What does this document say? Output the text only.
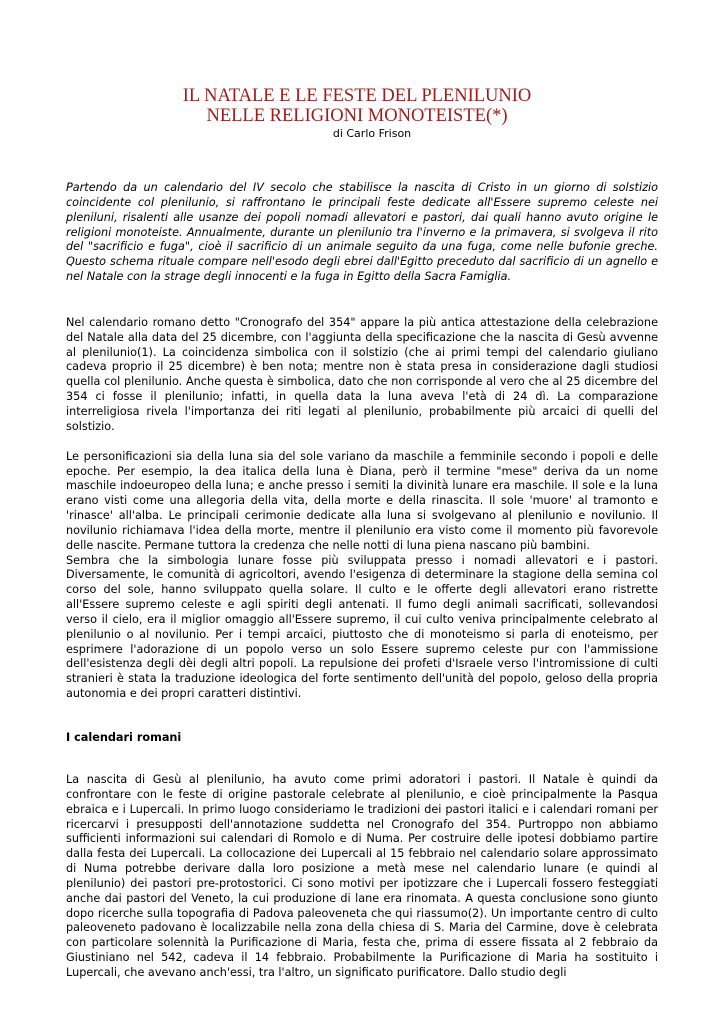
IL NATALE E LE FESTE DEL PLENILUNIO
NELLE RELIGIONI MONOTEISTE(*)
di Carlo Frison

Partendo da un calendario del IV secolo che stabilisce la nascita di Cristo in un giorno di solstizio coincidente col plenilunio, si raffrontano le principali feste dedicate all'Essere supremo celeste nei pleniluni, risalenti alle usanze dei popoli nomadi allevatori e pastori, dai quali hanno avuto origine le religioni monoteiste. Annualmente, durante un plenilunio tra l'inverno e la primavera, si svolgeva il rito del "sacrificio e fuga", cioè il sacrificio di un animale seguito da una fuga, come nelle bufonie greche. Questo schema rituale compare nell'esodo degli ebrei dall'Egitto preceduto dal sacrificio di un agnello e nel Natale con la strage degli innocenti e la fuga in Egitto della Sacra Famiglia.

Nel calendario romano detto "Cronografo del 354" appare la più antica attestazione della celebrazione del Natale alla data del 25 dicembre, con l'aggiunta della specificazione che la nascita di Gesù avvenne al plenilunio(1). La coincidenza simbolica con il solstizio (che ai primi tempi del calendario giuliano cadeva proprio il 25 dicembre) è ben nota; mentre non è stata presa in considerazione dagli studiosi quella col plenilunio. Anche questa è simbolica, dato che non corrisponde al vero che al 25 dicembre del 354 ci fosse il plenilunio; infatti, in quella data la luna aveva l'età di 24 dì. La comparazione interreligiosa rivela l'importanza dei riti legati al plenilunio, probabilmente più arcaici di quelli del solstizio.

Le personificazioni sia della luna sia del sole variano da maschile a femminile secondo i popoli e delle epoche. Per esempio, la dea italica della luna è Diana, però il termine "mese" deriva da un nome maschile indoeuropeo della luna; e anche presso i semiti la divinità lunare era maschile. Il sole e la luna erano visti come una allegoria della vita, della morte e della rinascita. Il sole 'muore' al tramonto e 'rinasce' all'alba. Le principali cerimonie dedicate alla luna si svolgevano al plenilunio e novilunio. Il novilunio richiamava l'idea della morte, mentre il plenilunio era visto come il momento più favorevole delle nascite. Permane tuttora la credenza che nelle notti di luna piena nascano più bambini.

Sembra che la simbologia lunare fosse più sviluppata presso i nomadi allevatori e i pastori. Diversamente, le comunità di agricoltori, avendo l'esigenza di determinare la stagione della semina col corso del sole, hanno sviluppato quella solare. Il culto e le offerte degli allevatori erano ristrette all'Essere supremo celeste e agli spiriti degli antenati. Il fumo degli animali sacrificati, sollevandosi verso il cielo, era il miglior omaggio all'Essere supremo, il cui culto veniva principalmente celebrato al plenilunio o al novilunio. Per i tempi arcaici, piuttosto che di monoteismo si parla di enoteismo, per esprimere l'adorazione di un popolo verso un solo Essere supremo celeste pur con l'ammissione dell'esistenza degli dèi degli altri popoli. La repulsione dei profeti d'Israele verso l'intromissione di culti stranieri è stata la traduzione ideologica del forte sentimento dell'unità del popolo, geloso della propria autonomia e dei propri caratteri distintivi.

I calendari romani

La nascita di Gesù al plenilunio, ha avuto come primi adoratori i pastori. Il Natale è quindi da confrontare con le feste di origine pastorale celebrate al plenilunio, e cioè principalmente la Pasqua ebraica e i Lupercali. In primo luogo consideriamo le tradizioni dei pastori italici e i calendari romani per ricercarvi i presupposti dell'annotazione suddetta nel Cronografo del 354. Purtroppo non abbiamo sufficienti informazioni sui calendari di Romolo e di Numa. Per costruire delle ipotesi dobbiamo partire dalla festa dei Lupercali. La collocazione dei Lupercali al 15 febbraio nel calendario solare approssimato di Numa potrebbe derivare dalla loro posizione a metà mese nel calendario lunare (e quindi al plenilunio) dei pastori pre-protostorici. Ci sono motivi per ipotizzare che i Lupercali fossero festeggiati anche dai pastori del Veneto, la cui produzione di lane era rinomata. A questa conclusione sono giunto dopo ricerche sulla topografia di Padova paleoveneta che qui riassumo(2). Un importante centro di culto paleoveneto padovano è localizzabile nella zona della chiesa di S. Maria del Carmine, dove è celebrata con particolare solennità la Purificazione di Maria, festa che, prima di essere fissata al 2 febbraio da Giustiniano nel 542, cadeva il 14 febbraio. Probabilmente la Purificazione di Maria ha sostituito i Lupercali, che avevano anch'essi, tra l'altro, un significato purificatore. Dallo studio degli
